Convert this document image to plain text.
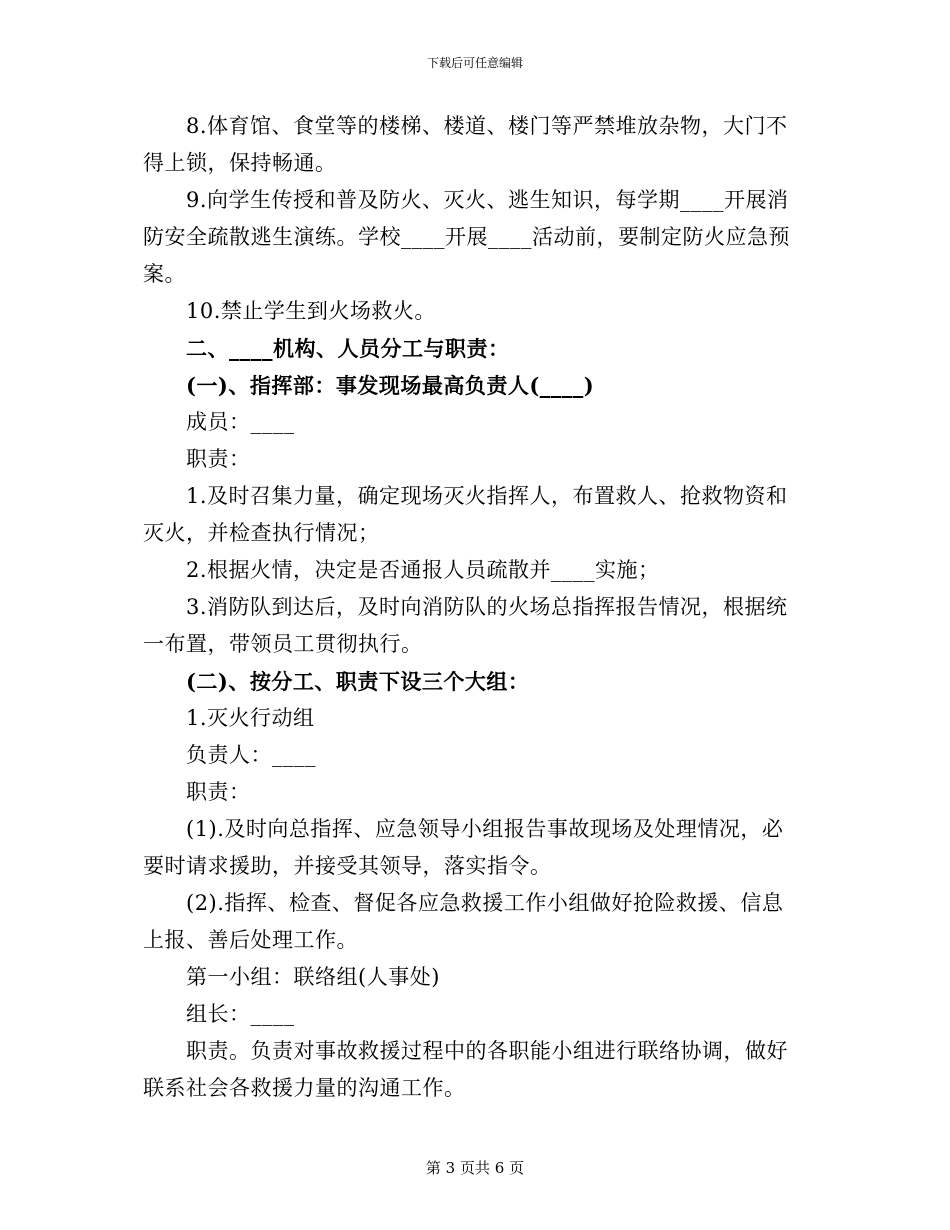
下载后可任意编辑

8.体育馆、食堂等的楼梯、楼道、楼门等严禁堆放杂物，大门不得上锁，保持畅通。

9.向学生传授和普及防火、灭火、逃生知识，每学期____开展消防安全疏散逃生演练。学校____开展____活动前，要制定防火应急预案。

10.禁止学生到火场救火。

二、____机构、人员分工与职责：

(一)、指挥部：事发现场最高负责人(____)

成员：____

职责：

1.及时召集力量，确定现场灭火指挥人，布置救人、抢救物资和灭火，并检查执行情况；

2.根据火情，决定是否通报人员疏散并____实施；

3.消防队到达后，及时向消防队的火场总指挥报告情况，根据统一布置，带领员工贯彻执行。

(二)、按分工、职责下设三个大组：

1.灭火行动组

负责人：____

职责：

(1).及时向总指挥、应急领导小组报告事故现场及处理情况，必要时请求援助，并接受其领导，落实指令。

(2).指挥、检查、督促各应急救援工作小组做好抢险救援、信息上报、善后处理工作。

第一小组：联络组(人事处)

组长：____

职责。负责对事故救援过程中的各职能小组进行联络协调，做好联系社会各救援力量的沟通工作。

第 3 页共 6 页
